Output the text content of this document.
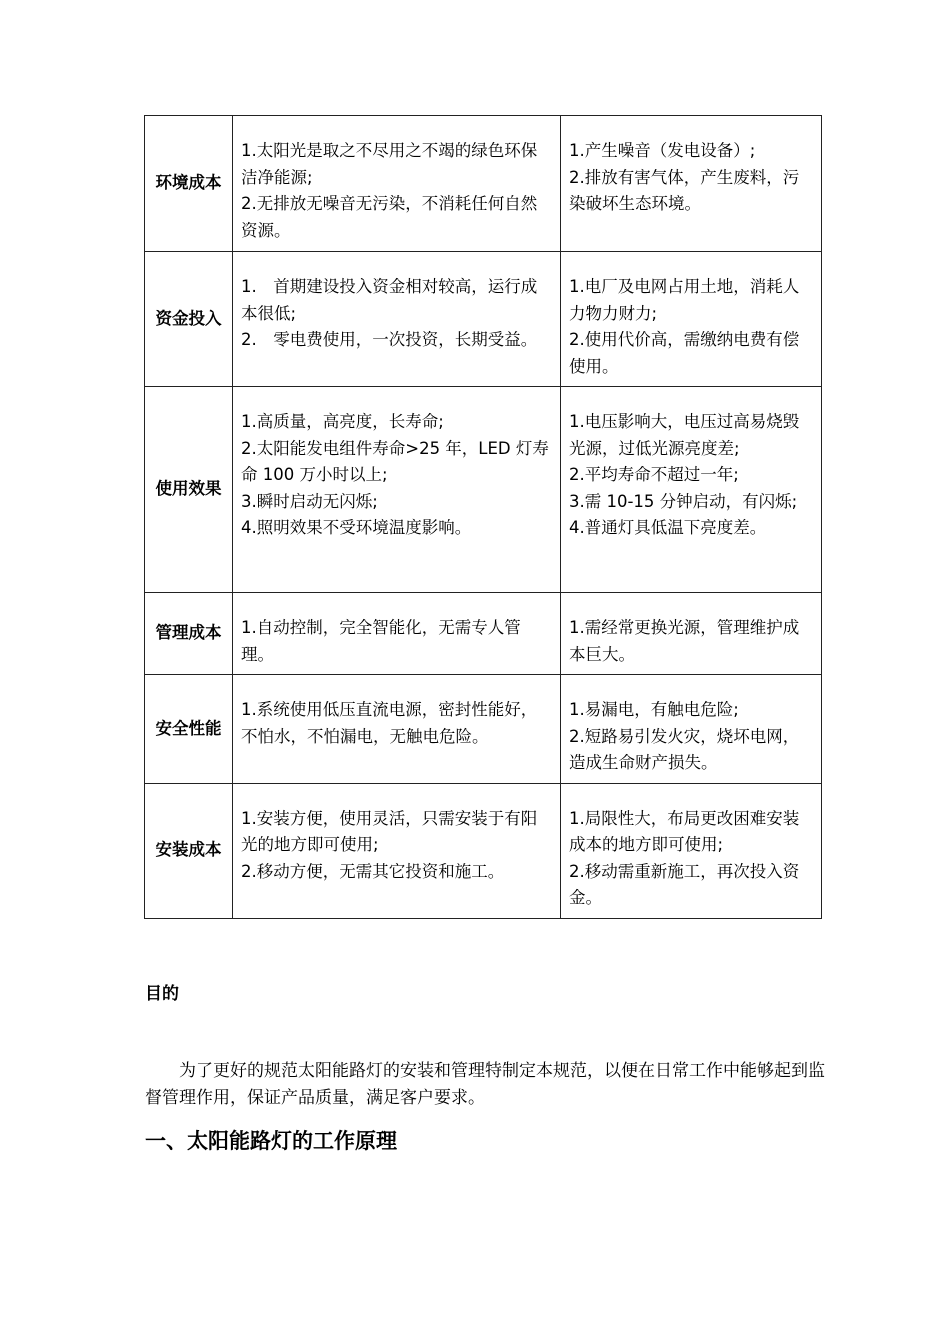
环境成本	1.太阳光是取之不尽用之不竭的绿色环保洁净能源;
2.无排放无噪音无污染，不消耗任何自然资源。	1.产生噪音（发电设备）;
2.排放有害气体，产生废料，污染破坏生态环境。

资金投入	1.　首期建设投入资金相对较高，运行成本很低;
2.　零电费使用，一次投资，长期受益。	1.电厂及电网占用土地，消耗人力物力财力;
2.使用代价高，需缴纳电费有偿使用。

使用效果	1.高质量，高亮度，长寿命;
2.太阳能发电组件寿命>25 年，LED 灯寿命 100 万小时以上;
3.瞬时启动无闪烁;
4.照明效果不受环境温度影响。	1.电压影响大，电压过高易烧毁光源，过低光源亮度差;
2.平均寿命不超过一年;
3.需 10-15 分钟启动，有闪烁;
4.普通灯具低温下亮度差。

管理成本	1.自动控制，完全智能化，无需专人管理。	1.需经常更换光源，管理维护成本巨大。

安全性能	1.系统使用低压直流电源，密封性能好，不怕水，不怕漏电，无触电危险。	1.易漏电，有触电危险;
2.短路易引发火灾，烧坏电网，造成生命财产损失。

安装成本	1.安装方便，使用灵活，只需安装于有阳光的地方即可使用;
2.移动方便，无需其它投资和施工。	1.局限性大，布局更改困难安装成本的地方即可使用;
2.移动需重新施工，再次投入资金。
目的
为了更好的规范太阳能路灯的安装和管理特制定本规范，以便在日常工作中能够起到监督管理作用，保证产品质量，满足客户要求。
一、太阳能路灯的工作原理
